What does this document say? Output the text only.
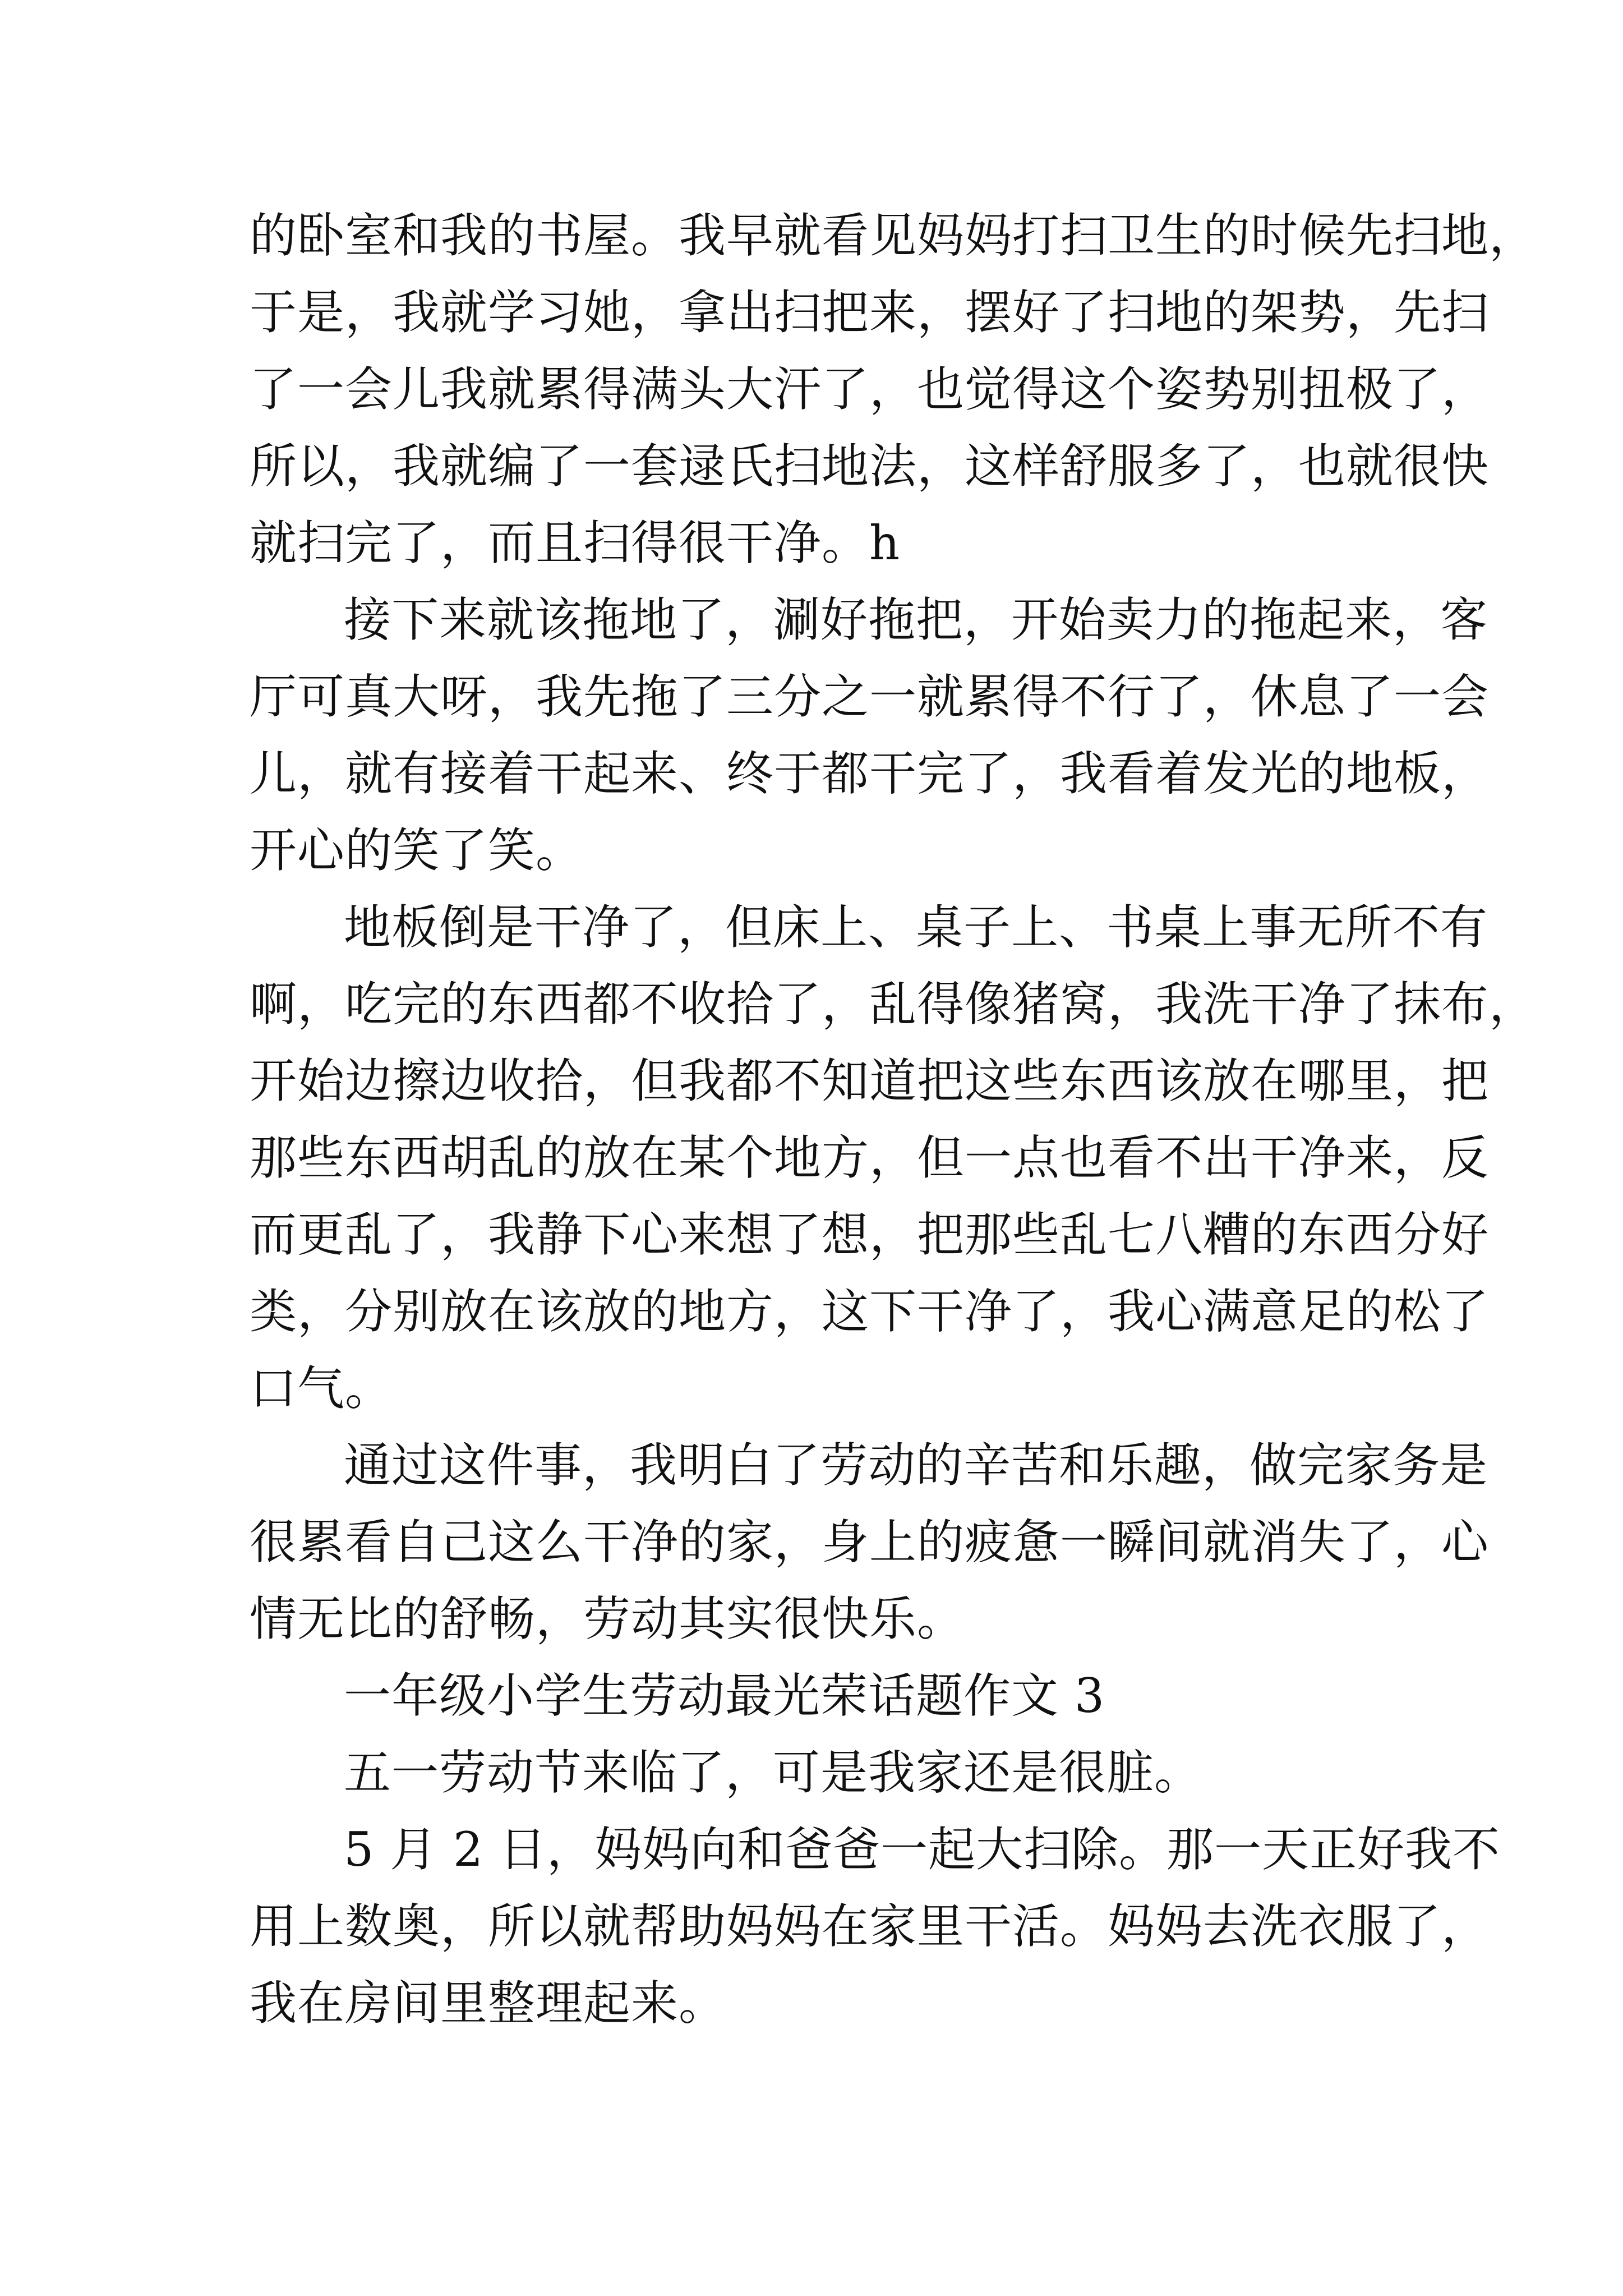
的卧室和我的书屋。我早就看见妈妈打扫卫生的时候先扫地，
于是，我就学习她，拿出扫把来，摆好了扫地的架势，先扫
了一会儿我就累得满头大汗了，也觉得这个姿势别扭极了，
所以，我就编了一套逯氏扫地法，这样舒服多了，也就很快
就扫完了，而且扫得很干净。h
接下来就该拖地了，涮好拖把，开始卖力的拖起来，客
厅可真大呀，我先拖了三分之一就累得不行了，休息了一会
儿，就有接着干起来、终于都干完了，我看着发光的地板，
开心的笑了笑。
地板倒是干净了，但床上、桌子上、书桌上事无所不有
啊，吃完的东西都不收拾了，乱得像猪窝，我洗干净了抹布，
开始边擦边收拾，但我都不知道把这些东西该放在哪里，把
那些东西胡乱的放在某个地方，但一点也看不出干净来，反
而更乱了，我静下心来想了想，把那些乱七八糟的东西分好
类，分别放在该放的地方，这下干净了，我心满意足的松了
口气。
通过这件事，我明白了劳动的辛苦和乐趣，做完家务是
很累看自己这么干净的家，身上的疲惫一瞬间就消失了，心
情无比的舒畅，劳动其实很快乐。
一年级小学生劳动最光荣话题作文 3
五一劳动节来临了，可是我家还是很脏。
5 月 2 日，妈妈向和爸爸一起大扫除。那一天正好我不
用上数奥，所以就帮助妈妈在家里干活。妈妈去洗衣服了，
我在房间里整理起来。
